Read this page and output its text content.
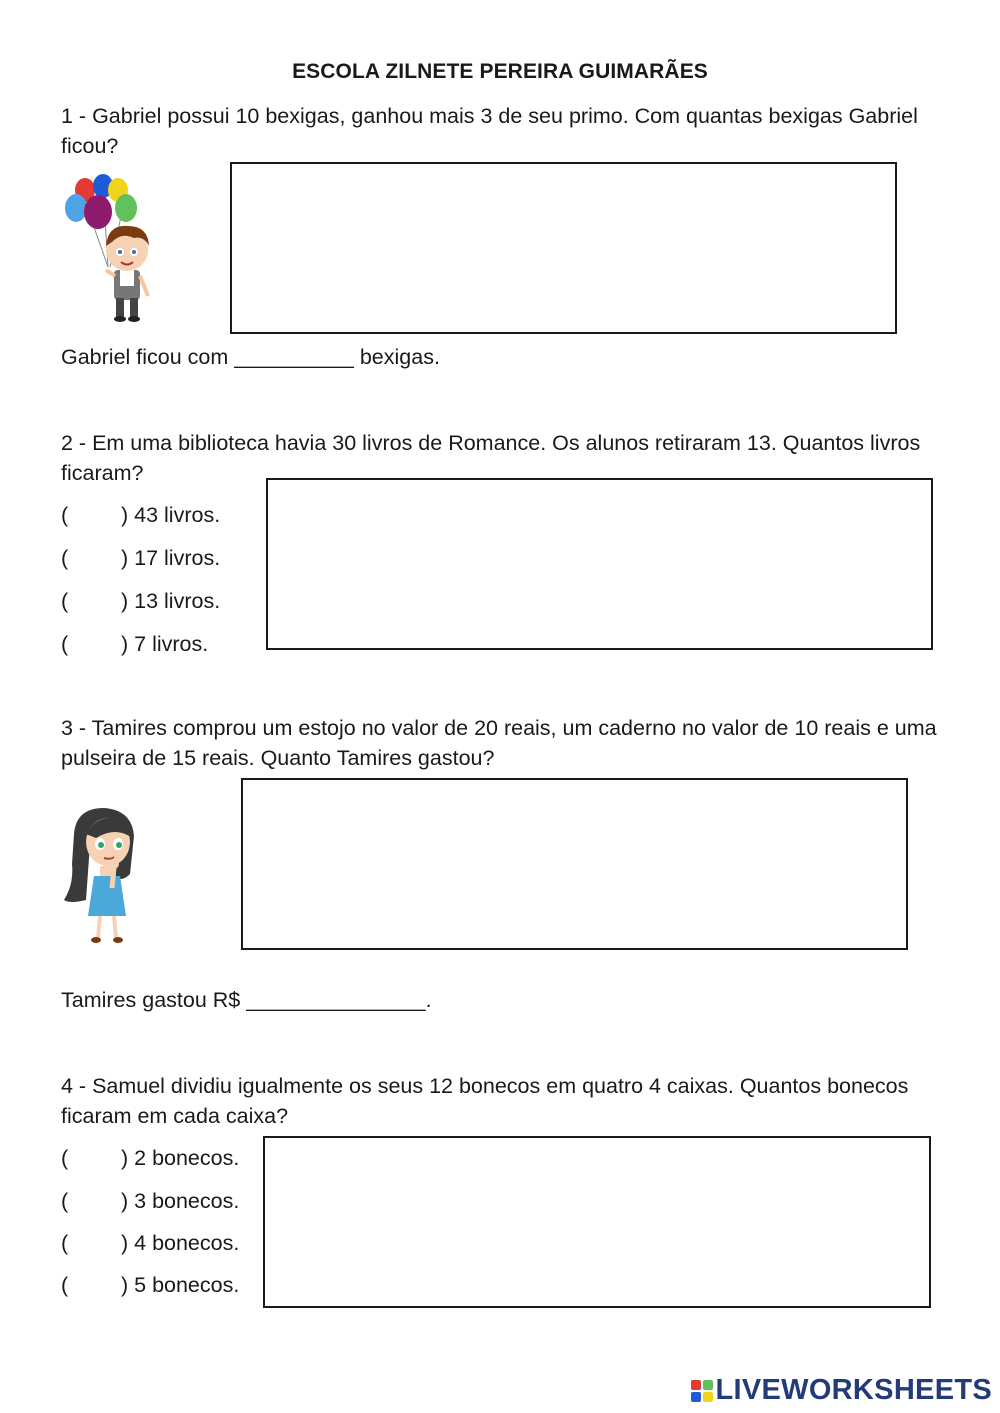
ESCOLA ZILNETE PEREIRA GUIMARÃES
1 - Gabriel possui 10 bexigas, ganhou mais 3 de seu primo. Com quantas bexigas Gabriel ficou?
Gabriel ficou com __________ bexigas.
2 - Em uma biblioteca havia 30 livros de Romance. Os alunos retiraram 13. Quantos livros ficaram?
( ) 43 livros.
( ) 17 livros.
( ) 13 livros.
( ) 7 livros.
3 - Tamires comprou um estojo no valor de 20 reais, um caderno no valor de 10 reais e uma pulseira de 15 reais. Quanto Tamires gastou?
Tamires gastou R$ _______________.
4 - Samuel dividiu igualmente os seus 12 bonecos em quatro 4 caixas. Quantos bonecos ficaram em cada caixa?
( ) 2 bonecos.
( ) 3 bonecos.
( ) 4 bonecos.
( ) 5 bonecos.
LIVEWORKSHEETS
